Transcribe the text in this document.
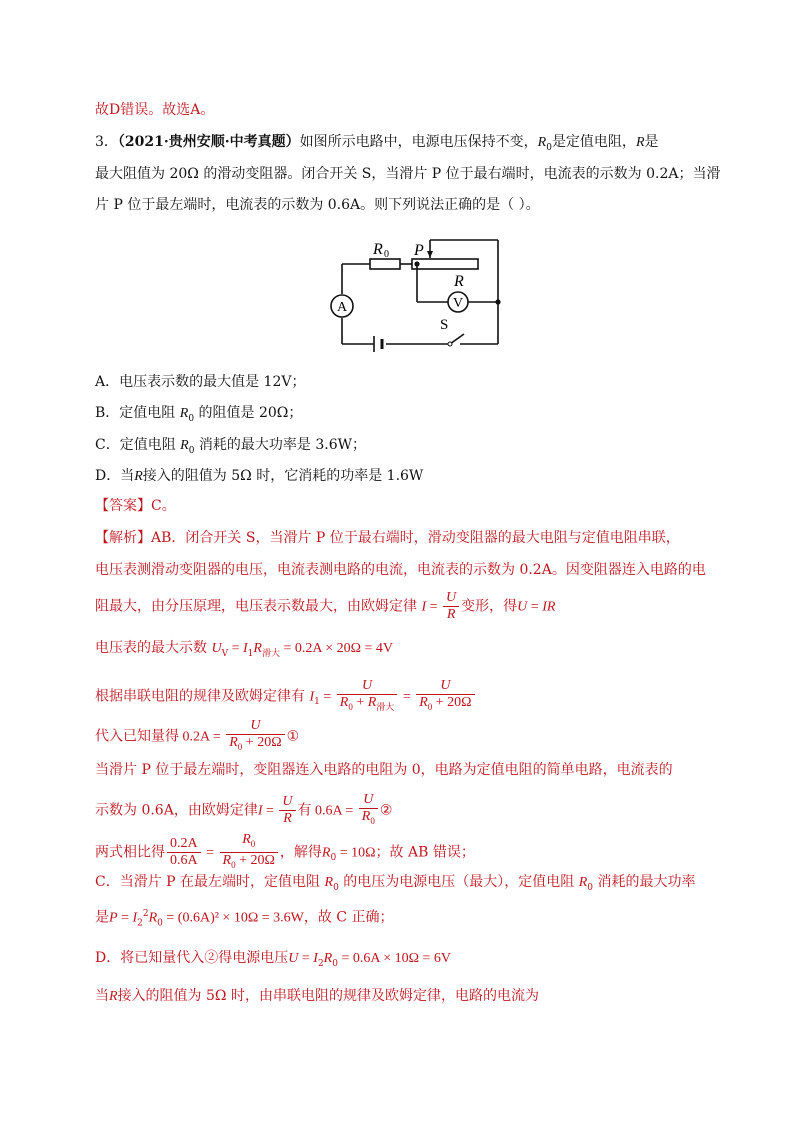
故D错误。故选A。
3．（2021·贵州安顺·中考真题）如图所示电路中，电源电压保持不变，$R_0$是定值电阻，R是
最大阻值为 20Ω 的滑动变阻器。闭合开关 S，当滑片 P 位于最右端时，电流表的示数为 0.2A；当滑
片 P 位于最左端时，电流表的示数为 0.6A。则下列说法正确的是（ ）。
R 0 P
R
V
A
S
A．电压表示数的最大值是 12V；
B．定值电阻 $R_0$ 的阻值是 20Ω；
C．定值电阻 $R_0$ 消耗的最大功率是 3.6W；
D．当R接入的阻值为 5Ω 时，它消耗的功率是 1.6W
【答案】C。
【解析】AB．闭合开关 S，当滑片 P 位于最右端时，滑动变阻器的最大电阻与定值电阻串联，
电压表测滑动变阻器的电压，电流表测电路的电流，电流表的示数为 0.2A。因变阻器连入电路的电
阻最大，由分压原理，电压表示数最大，由欧姆定律 $I = \frac{U}{R}$ 变形，得U = IR
电压表的最大示数 $U_V = I_1R_{滑大} = 0.2A \times 20\Omega = 4V$
根据串联电阻的规律及欧姆定律有 $I_1 = \frac{U}{R_0 + R_{滑大}} = \frac{U}{R_0 + 20\Omega}$
代入已知量得 $0.2A = \frac{U}{R_0 + 20\Omega}$ ①
当滑片 P 位于最左端时，变阻器连入电路的电阻为 0，电路为定值电阻的简单电路，电流表的
示数为 0.6A，由欧姆定律$I = \frac{U}{R}$ 有 $0.6A = \frac{U}{R_0}$ ②
两式相比得 $\frac{0.2A}{0.6A} = \frac{R_0}{R_0 + 20\Omega}$ ，解得$R_0 = 10\Omega$；故 AB 错误；
C．当滑片 P 在最左端时，定值电阻 $R_0$ 的电压为电源电压（最大），定值电阻 $R_0$ 消耗的最大功率
是$P = I_2^2R_0 = (0.6A)^2 \times 10\Omega = 3.6W$，故 C 正确；
D．将已知量代入②得电源电压$U = I_2R_0 = 0.6A \times 10\Omega = 6V$
当R接入的阻值为 5Ω 时，由串联电阻的规律及欧姆定律，电路的电流为
